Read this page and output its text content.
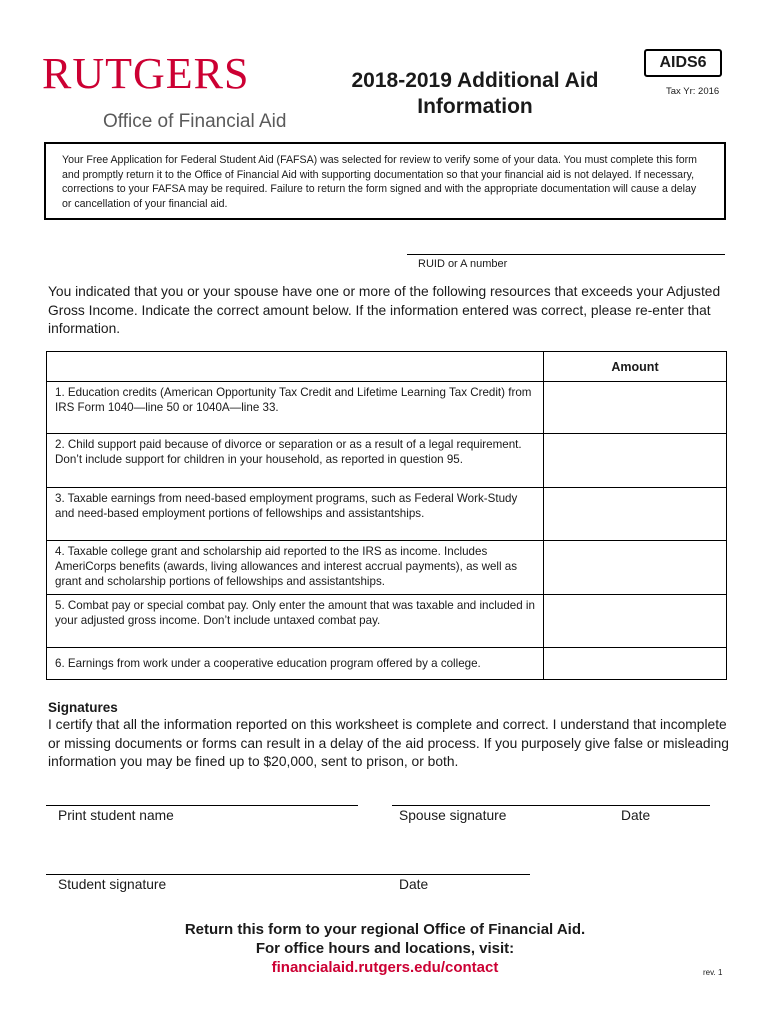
RUTGERS
Office of Financial Aid
2018-2019 Additional Aid
Information
AIDS6
Tax Yr: 2016
Your Free Application for Federal Student Aid (FAFSA) was selected for review to verify some of your data. You must complete this form and promptly return it to the Office of Financial Aid with supporting documentation so that your financial aid is not delayed. If necessary, corrections to your FAFSA may be required. Failure to return the form signed and with the appropriate documentation will cause a delay or cancellation of your financial aid.
RUID or A number
You indicated that you or your spouse have one or more of the following resources that exceeds your Adjusted Gross Income. Indicate the correct amount below. If the information entered was correct, please re-enter that information.
	Amount
1. Education credits (American Opportunity Tax Credit and Lifetime Learning Tax Credit) from IRS Form 1040—line 50 or 1040A—line 33.	
2. Child support paid because of divorce or separation or as a result of a legal requirement. Don’t include support for children in your household, as reported in question 95.	
3. Taxable earnings from need-based employment programs, such as Federal Work-Study and need-based employment portions of fellowships and assistantships.	
4. Taxable college grant and scholarship aid reported to the IRS as income. Includes AmeriCorps benefits (awards, living allowances and interest accrual payments), as well as grant and scholarship portions of fellowships and assistantships.	
5. Combat pay or special combat pay. Only enter the amount that was taxable and included in your adjusted gross income. Don’t include untaxed combat pay.	
6. Earnings from work under a cooperative education program offered by a college.	
Signatures
I certify that all the information reported on this worksheet is complete and correct. I understand that incomplete or missing documents or forms can result in a delay of the aid process. If you purposely give false or misleading information you may be fined up to $20,000, sent to prison, or both.
Print student name	Spouse signature	Date
Student signature	Date
Return this form to your regional Office of Financial Aid.
For office hours and locations, visit:
financialaid.rutgers.edu/contact	rev. 1
